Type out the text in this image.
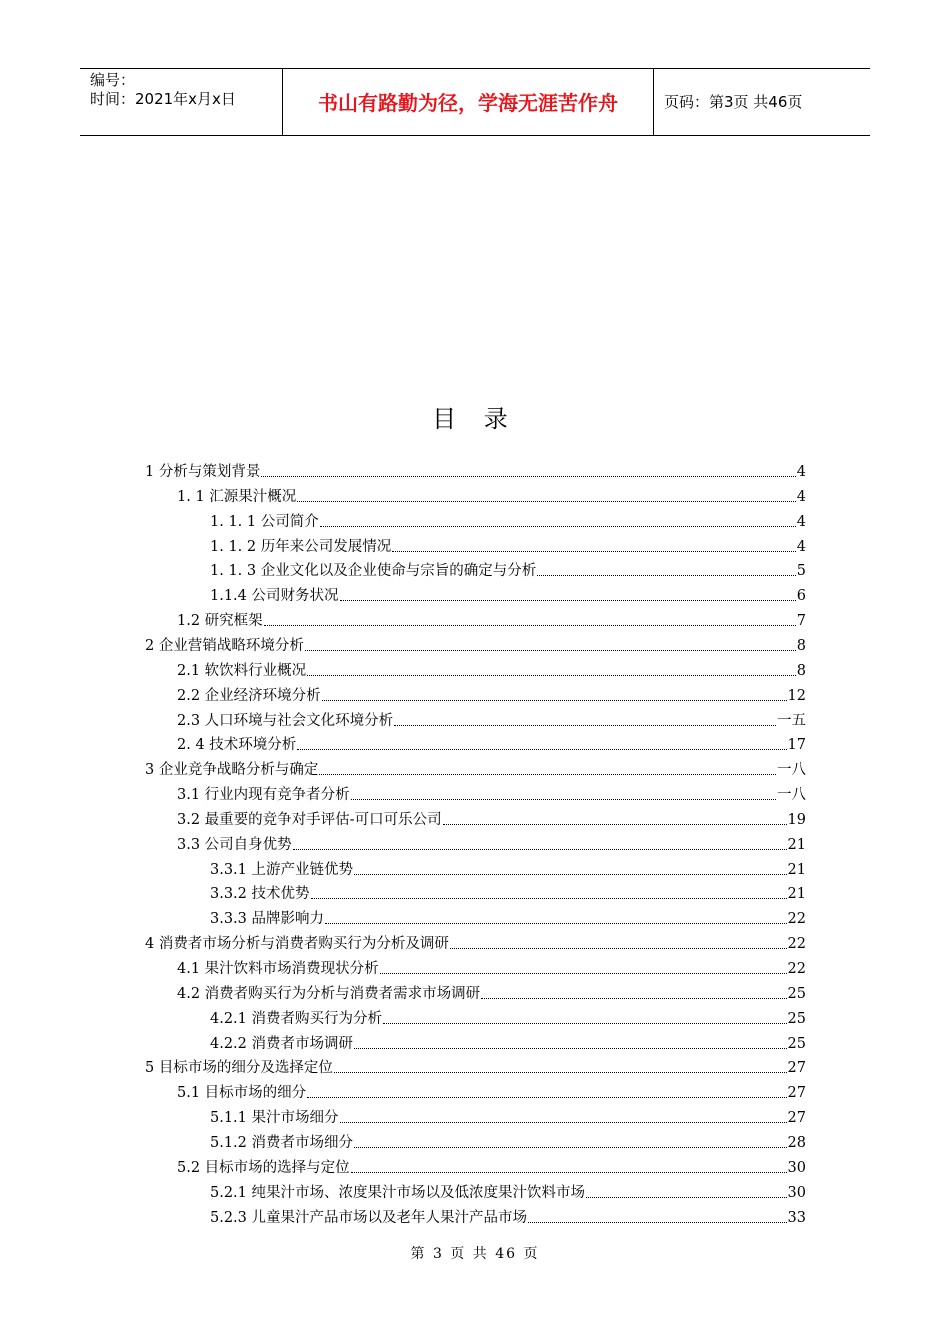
编号：
时间：2021年x月x日	书山有路勤为径，学海无涯苦作舟	页码：第3页 共46页
目 录
1 分析与策划背景	4
1. 1 汇源果汁概况	4
1. 1. 1 公司简介	4
1. 1. 2 历年来公司发展情况	4
1. 1. 3 企业文化以及企业使命与宗旨的确定与分析	5
1.1.4 公司财务状况	6
1.2 研究框架	7
2 企业营销战略环境分析	8
2.1 软饮料行业概况	8
2.2 企业经济环境分析	12
2.3 人口环境与社会文化环境分析	一五
2. 4 技术环境分析	17
3 企业竞争战略分析与确定	一八
3.1 行业内现有竞争者分析	一八
3.2 最重要的竞争对手评估-可口可乐公司	19
3.3 公司自身优势	21
3.3.1 上游产业链优势	21
3.3.2 技术优势	21
3.3.3 品牌影响力	22
4 消费者市场分析与消费者购买行为分析及调研	22
4.1 果汁饮料市场消费现状分析	22
4.2 消费者购买行为分析与消费者需求市场调研	25
4.2.1 消费者购买行为分析	25
4.2.2 消费者市场调研	25
5 目标市场的细分及选择定位	27
5.1 目标市场的细分	27
5.1.1 果汁市场细分	27
5.1.2 消费者市场细分	28
5.2 目标市场的选择与定位	30
5.2.1 纯果汁市场、浓度果汁市场以及低浓度果汁饮料市场	30
5.2.3 儿童果汁产品市场以及老年人果汁产品市场	33
第 3 页 共 46 页
